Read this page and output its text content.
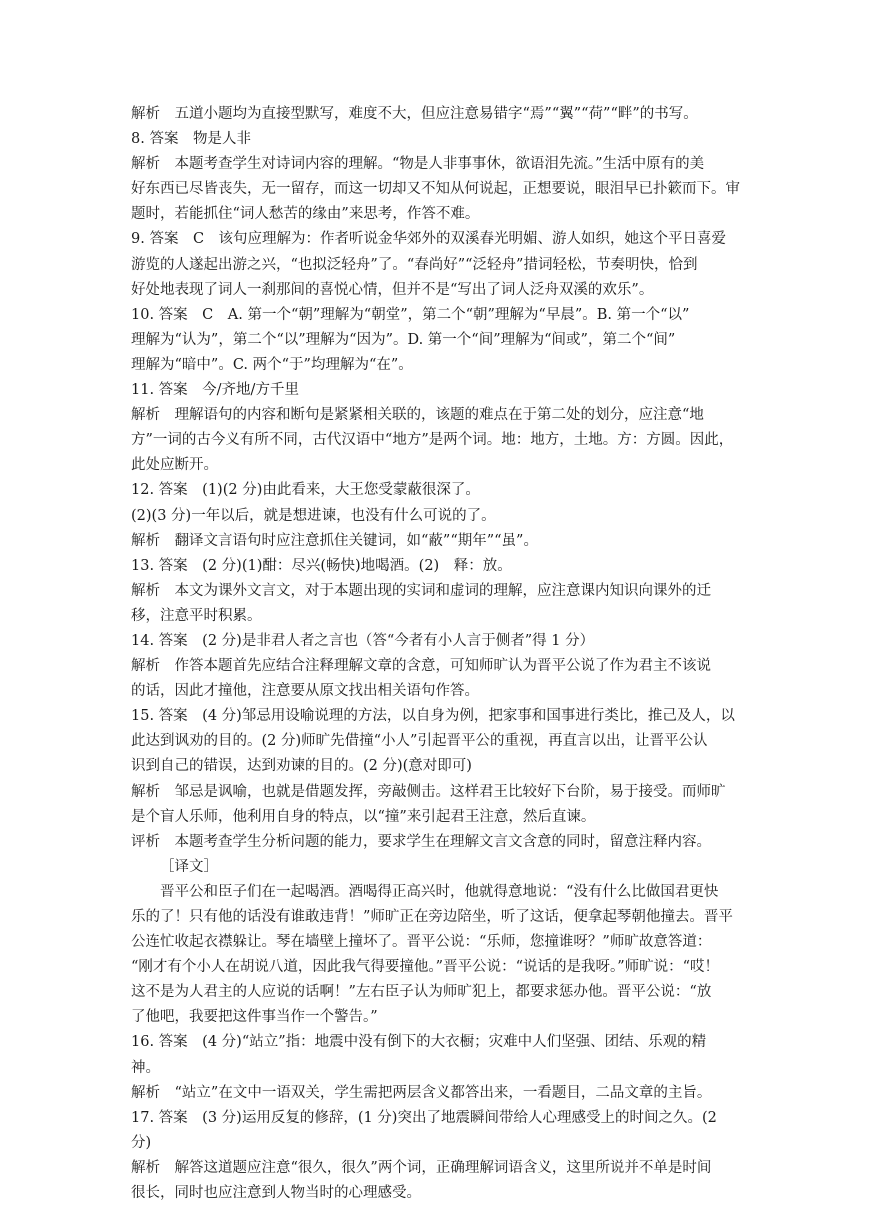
解析　五道小题均为直接型默写，难度不大，但应注意易错字“焉”“翼”“荷”“畔”的书写。
8. 答案　物是人非
解析　本题考查学生对诗词内容的理解。“物是人非事事休，欲语泪先流。”生活中原有的美
好东西已尽皆丧失，无一留存，而这一切却又不知从何说起，正想要说，眼泪早已扑簌而下。审
题时，若能抓住“词人愁苦的缘由”来思考，作答不难。
9. 答案　C　该句应理解为：作者听说金华郊外的双溪春光明媚、游人如织，她这个平日喜爱
游览的人遂起出游之兴，“也拟泛轻舟”了。“春尚好”“泛轻舟”措词轻松，节奏明快，恰到
好处地表现了词人一刹那间的喜悦心情，但并不是“写出了词人泛舟双溪的欢乐”。
10. 答案　C　A. 第一个“朝”理解为“朝堂”，第二个“朝”理解为“早晨”。B. 第一个“以”
理解为“认为”，第二个“以”理解为“因为”。D. 第一个“间”理解为“间或”，第二个“间”
理解为“暗中”。C. 两个“于”均理解为“在”。
11. 答案　今/齐地/方千里
解析　理解语句的内容和断句是紧紧相关联的，该题的难点在于第二处的划分，应注意“地
方”一词的古今义有所不同，古代汉语中“地方”是两个词。地：地方，土地。方：方圆。因此，
此处应断开。
12. 答案　(1)(2 分)由此看来，大王您受蒙蔽很深了。
(2)(3 分)一年以后，就是想进谏，也没有什么可说的了。
解析　翻译文言语句时应注意抓住关键词，如“蔽”“期年”“虽”。
13. 答案　(2 分)(1)酣：尽兴(畅快)地喝酒。(2)　释：放。
解析　本文为课外文言文，对于本题出现的实词和虚词的理解，应注意课内知识向课外的迁
移，注意平时积累。
14. 答案　(2 分)是非君人者之言也（答“今者有小人言于侧者”得 1 分）
解析　作答本题首先应结合注释理解文章的含意，可知师旷认为晋平公说了作为君主不该说
的话，因此才撞他，注意要从原文找出相关语句作答。
15. 答案　(4 分)邹忌用设喻说理的方法，以自身为例，把家事和国事进行类比，推己及人，以
此达到讽劝的目的。(2 分)师旷先借撞“小人”引起晋平公的重视，再直言以出，让晋平公认
识到自己的错误，达到劝谏的目的。(2 分)(意对即可)
解析　邹忌是讽喻，也就是借题发挥，旁敲侧击。这样君王比较好下台阶，易于接受。而师旷
是个盲人乐师，他利用自身的特点，以“撞”来引起君王注意，然后直谏。
评析　本题考查学生分析问题的能力，要求学生在理解文言文含意的同时，留意注释内容。
［译文］
晋平公和臣子们在一起喝酒。酒喝得正高兴时，他就得意地说：“没有什么比做国君更快
乐的了！只有他的话没有谁敢违背！”师旷正在旁边陪坐，听了这话，便拿起琴朝他撞去。晋平
公连忙收起衣襟躲让。琴在墙壁上撞坏了。晋平公说：“乐师，您撞谁呀？”师旷故意答道：
“刚才有个小人在胡说八道，因此我气得要撞他。”晋平公说：“说话的是我呀。”师旷说：“哎！
这不是为人君主的人应说的话啊！”左右臣子认为师旷犯上，都要求惩办他。晋平公说：“放
了他吧，我要把这件事当作一个警告。”
16. 答案　(4 分)“站立”指：地震中没有倒下的大衣橱；灾难中人们坚强、团结、乐观的精
神。
解析　“站立”在文中一语双关，学生需把两层含义都答出来，一看题目，二品文章的主旨。
17. 答案　(3 分)运用反复的修辞，(1 分)突出了地震瞬间带给人心理感受上的时间之久。(2
分)
解析　解答这道题应注意“很久，很久”两个词，正确理解词语含义，这里所说并不单是时间
很长，同时也应注意到人物当时的心理感受。
